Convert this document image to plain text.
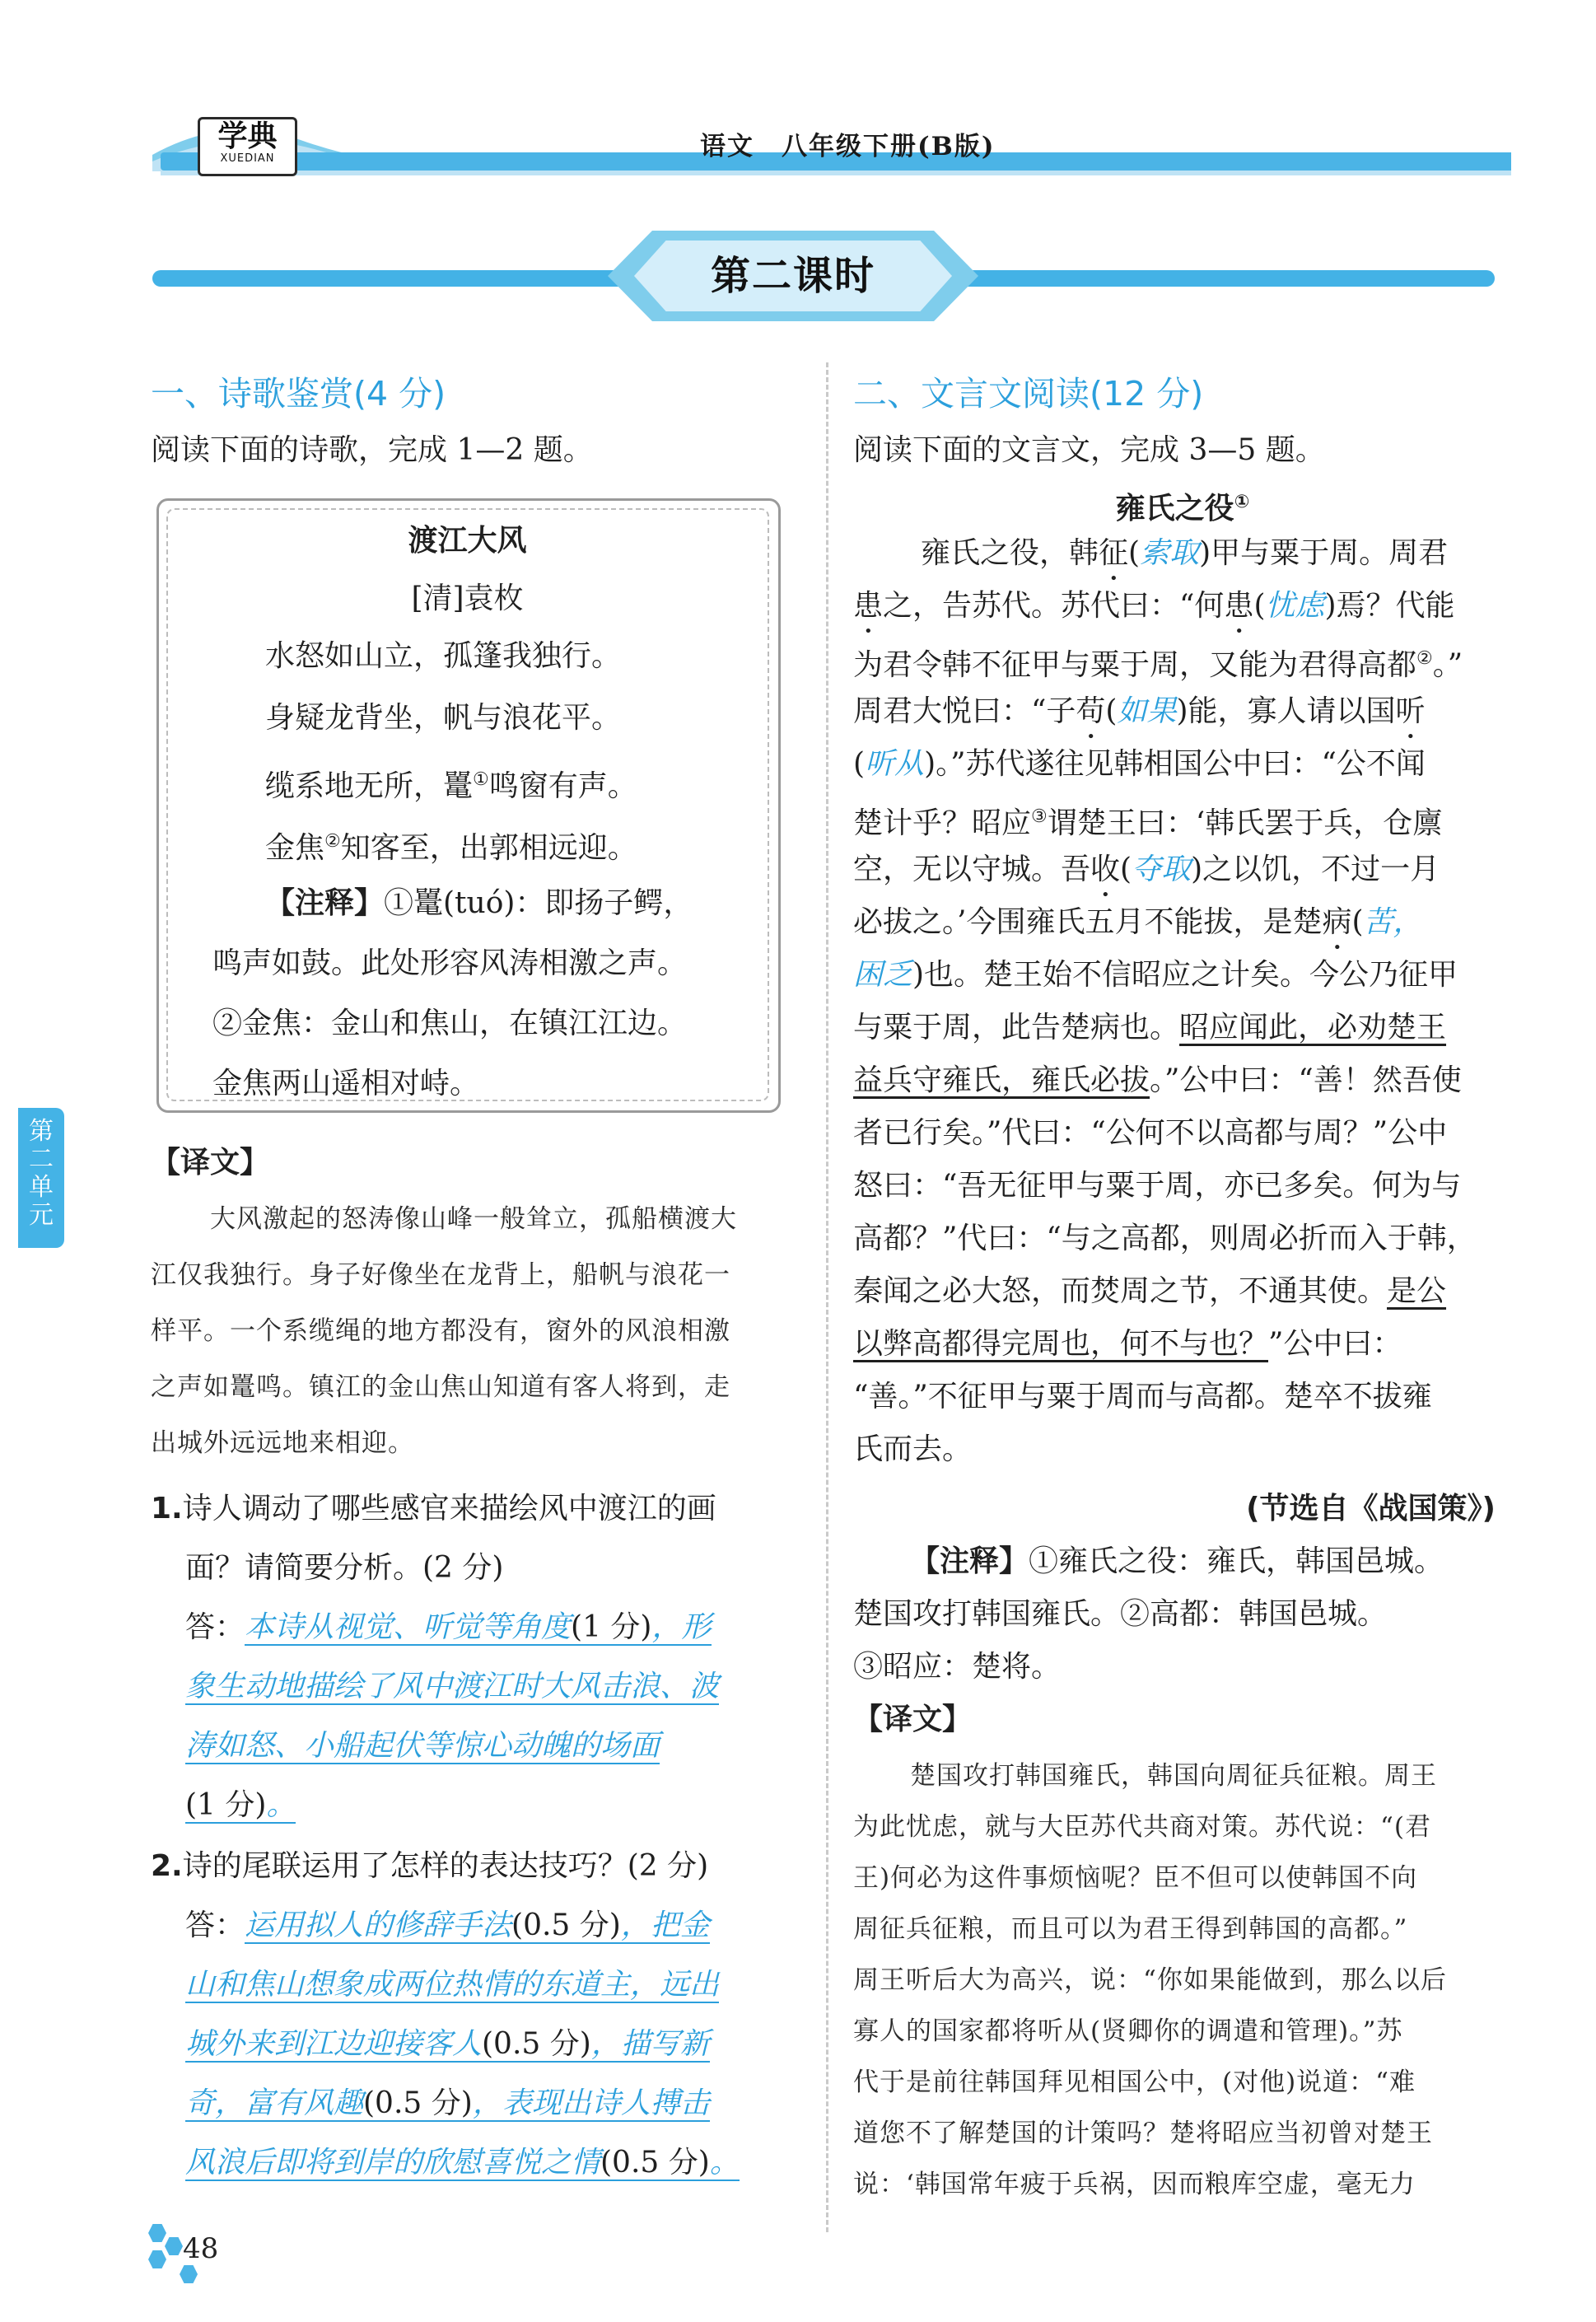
学典
XUEDIAN	语文　八年级下册(B版)
第二课时
一、诗歌鉴赏(4 分)
阅读下面的诗歌，完成 1—2 题。
渡江大风
[清]袁枚
水怒如山立，孤篷我独行。
身疑龙背坐，帆与浪花平。
缆系地无所，鼍①鸣窗有声。
金焦②知客至，出郭相远迎。
【注释】①鼍(tuó)：即扬子鳄，
鸣声如鼓。此处形容风涛相激之声。
②金焦：金山和焦山，在镇江江边。
金焦两山遥相对峙。
第二单元
【译文】
大风激起的怒涛像山峰一般耸立，孤船横渡大
江仅我独行。身子好像坐在龙背上，船帆与浪花一
样平。一个系缆绳的地方都没有，窗外的风浪相激
之声如鼍鸣。镇江的金山焦山知道有客人将到，走
出城外远远地来相迎。
1.诗人调动了哪些感官来描绘风中渡江的画
面？请简要分析。(2 分)
答：本诗从视觉、听觉等角度(1 分)，形
象生动地描绘了风中渡江时大风击浪、波
涛如怒、小船起伏等惊心动魄的场面
(1 分)。
2.诗的尾联运用了怎样的表达技巧？(2 分)
答：运用拟人的修辞手法(0.5 分)，把金
山和焦山想象成两位热情的东道主，远出
城外来到江边迎接客人(0.5 分)，描写新
奇，富有风趣(0.5 分)，表现出诗人搏击
风浪后即将到岸的欣慰喜悦之情(0.5 分)。
48
二、文言文阅读(12 分)
阅读下面的文言文，完成 3—5 题。
雍氏之役①
雍氏之役，韩征(索取)甲与粟于周。周君
患之，告苏代。苏代曰：“何患(忧虑)焉？代能
为君令韩不征甲与粟于周，又能为君得高都②。”
周君大悦曰：“子苟(如果)能，寡人请以国听
(听从)。”苏代遂往见韩相国公中曰：“公不闻
楚计乎？昭应③谓楚王曰：‘韩氏罢于兵，仓廪
空，无以守城。吾收(夺取)之以饥，不过一月
必拔之。’今围雍氏五月不能拔，是楚病(苦，
困乏)也。楚王始不信昭应之计矣。今公乃征甲
与粟于周，此告楚病也。昭应闻此，必劝楚王
益兵守雍氏，雍氏必拔。”公中曰：“善！然吾使
者已行矣。”代曰：“公何不以高都与周？”公中
怒曰：“吾无征甲与粟于周，亦已多矣。何为与
高都？”代曰：“与之高都，则周必折而入于韩，
秦闻之必大怒，而焚周之节，不通其使。是公
以弊高都得完周也，何不与也？”公中曰：
“善。”不征甲与粟于周而与高都。楚卒不拔雍
氏而去。
(节选自《战国策》)
【注释】①雍氏之役：雍氏，韩国邑城。
楚国攻打韩国雍氏。②高都：韩国邑城。
③昭应：楚将。
【译文】
楚国攻打韩国雍氏，韩国向周征兵征粮。周王
为此忧虑，就与大臣苏代共商对策。苏代说：“(君
王)何必为这件事烦恼呢？臣不但可以使韩国不向
周征兵征粮，而且可以为君王得到韩国的高都。”
周王听后大为高兴，说：“你如果能做到，那么以后
寡人的国家都将听从(贤卿你的调遣和管理)。”苏
代于是前往韩国拜见相国公中，(对他)说道：“难
道您不了解楚国的计策吗？楚将昭应当初曾对楚王
说：‘韩国常年疲于兵祸，因而粮库空虚，毫无力
